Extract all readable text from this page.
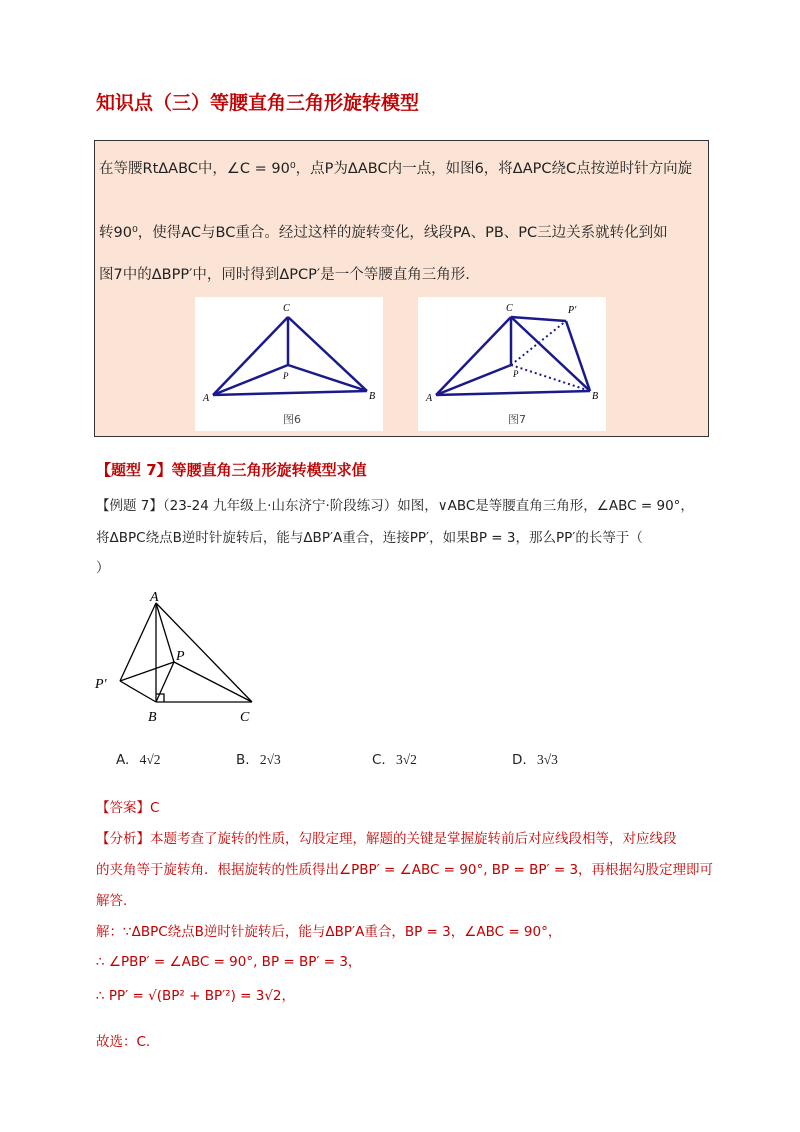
知识点（三）等腰直角三角形旋转模型
在等腰RtΔABC中，∠C = 90⁰，点P为ΔABC内一点，如图6，将ΔAPC绕C点按逆时针方向旋
转90⁰，使得AC与BC重合。经过这样的旋转变化，线段PA、PB、PC三边关系就转化到如
图7中的ΔBPP′中，同时得到ΔPCP′是一个等腰直角三角形.
C
A	B
P
图6
C	P′
A	B
P
图7
【题型 7】等腰直角三角形旋转模型求值
【例题 7】（23-24 九年级上·山东济宁·阶段练习）如图，∨ABC是等腰直角三角形，∠ABC = 90°，
将ΔBPC绕点B逆时针旋转后，能与ΔBP′A重合，连接PP′，如果BP = 3，那么PP′的长等于（
）
A
P
P′
B	C
A. 4√2	B. 2√3	C. 3√2	D. 3√3
【答案】C
【分析】本题考查了旋转的性质，勾股定理，解题的关键是掌握旋转前后对应线段相等，对应线段
的夹角等于旋转角．根据旋转的性质得出∠PBP′ = ∠ABC = 90°, BP = BP′ = 3，再根据勾股定理即可
解答.
解：∵ΔBPC绕点B逆时针旋转后，能与ΔBP′A重合，BP = 3，∠ABC = 90°，
∴ ∠PBP′ = ∠ABC = 90°, BP = BP′ = 3，
∴ PP′ = √(BP² + BP′²) = 3√2，
故选：C.
